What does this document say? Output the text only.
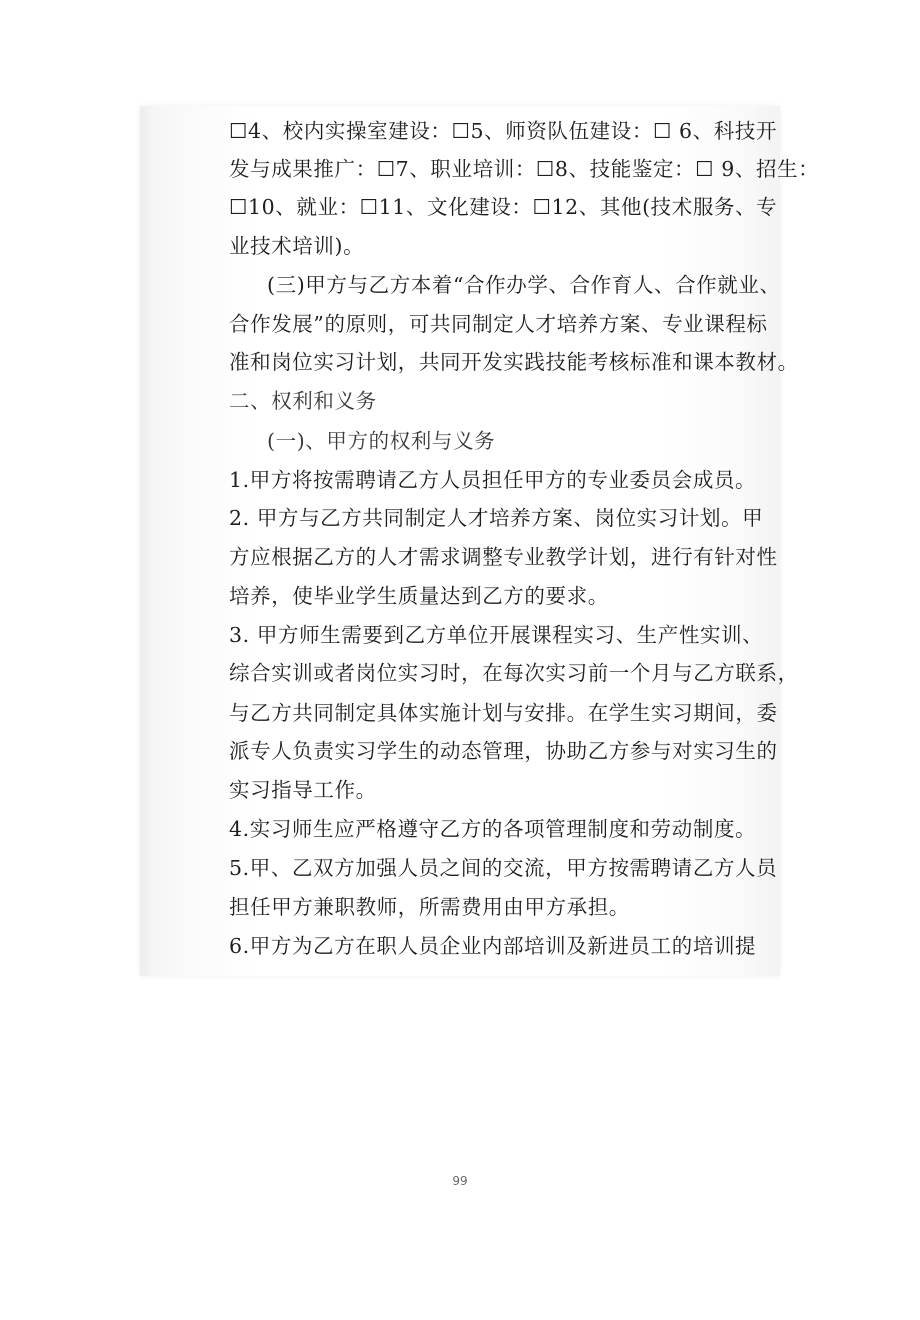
☐4、校内实操室建设：☐5、师资队伍建设：☐ 6、科技开
发与成果推广：☐7、职业培训：☐8、技能鉴定：☐ 9、招生：
☐10、就业：☐11、文化建设：☐12、其他(技术服务、专
业技术培训)。
(三)甲方与乙方本着“合作办学、合作育人、合作就业、
合作发展”的原则，可共同制定人才培养方案、专业课程标
准和岗位实习计划，共同开发实践技能考核标准和课本教材。
二、权利和义务
(一)、甲方的权利与义务
1.甲方将按需聘请乙方人员担任甲方的专业委员会成员。
2. 甲方与乙方共同制定人才培养方案、岗位实习计划。甲
方应根据乙方的人才需求调整专业教学计划，进行有针对性
培养，使毕业学生质量达到乙方的要求。
3. 甲方师生需要到乙方单位开展课程实习、生产性实训、
综合实训或者岗位实习时，在每次实习前一个月与乙方联系，
与乙方共同制定具体实施计划与安排。在学生实习期间，委
派专人负责实习学生的动态管理，协助乙方参与对实习生的
实习指导工作。
4.实习师生应严格遵守乙方的各项管理制度和劳动制度。
5.甲、乙双方加强人员之间的交流，甲方按需聘请乙方人员
担任甲方兼职教师，所需费用由甲方承担。
6.甲方为乙方在职人员企业内部培训及新进员工的培训提
99
